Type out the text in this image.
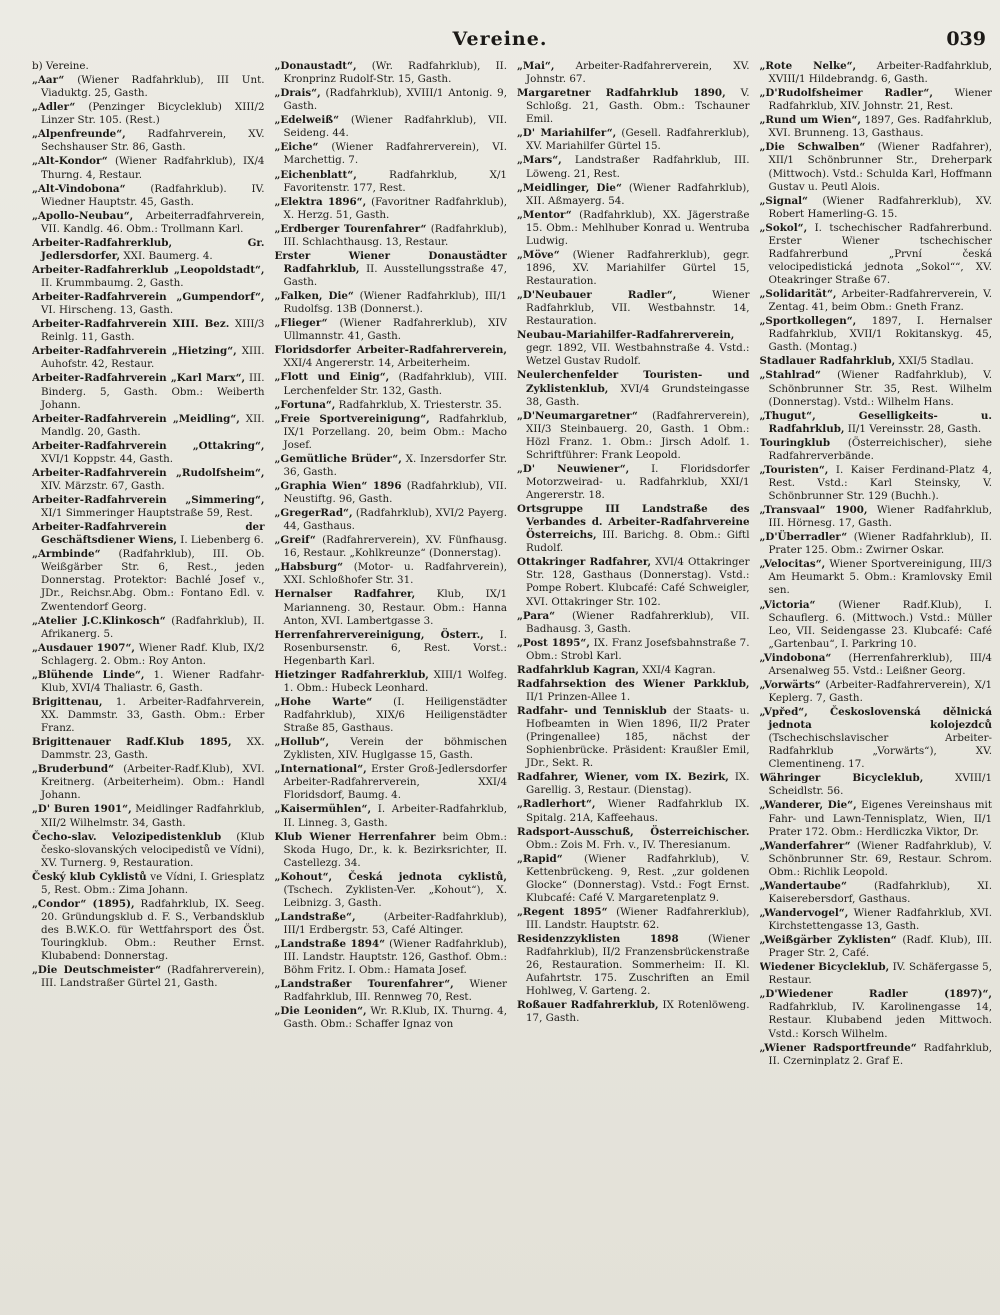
Vereine.	039
b) Vereine.
„Aar“ (Wiener Radfahrklub), III Unt. Viaduktg. 25, Gasth.
„Adler“ (Penzinger Bicycleklub) XIII/2 Linzer Str. 105. (Rest.)
„Alpenfreunde“, Radfahrverein, XV. Sechshauser Str. 86, Gasth.
„Alt-Kondor“ (Wiener Radfahrklub), IX/4 Thurng. 4, Restaur.
„Alt-Vindobona“ (Radfahrklub). IV. Wiedner Hauptstr. 45, Gasth.
„Apollo-Neubau“, Arbeiterradfahrverein, VII. Kandlg. 46. Obm.: Trollmann Karl.
Arbeiter-Radfahrerklub, Gr. Jedlersdorfer, XXI. Baumerg. 4.
Arbeiter-Radfahrerklub „Leopoldstadt“, II. Krummbaumg. 2, Gasth.
Arbeiter-Radfahrverein „Gumpendorf“, VI. Hirscheng. 13, Gasth.
Arbeiter-Radfahrverein XIII. Bez. XIII/3 Reinlg. 11, Gasth.
Arbeiter-Radfahrverein „Hietzing“, XIII. Auhofstr. 42, Restaur.
Arbeiter-Radfahrverein „Karl Marx“, III. Binderg. 5, Gasth. Obm.: Weiberth Johann.
Arbeiter-Radfahrverein „Meidling“, XII. Mandlg. 20, Gasth.
Arbeiter-Radfahrverein „Ottakring“, XVI/1 Koppstr. 44, Gasth.
Arbeiter-Radfahrverein „Rudolfsheim“, XIV. Märzstr. 67, Gasth.
Arbeiter-Radfahrverein „Simmering“, XI/1 Simmeringer Hauptstraße 59, Rest.
Arbeiter-Radfahrverein der Geschäftsdiener Wiens, I. Liebenberg 6.
„Armbinde“ (Radfahrklub), III. Ob. Weißgärber Str. 6, Rest., jeden Donnerstag. Protektor: Bachlé Josef v., JDr., Reichsr.Abg. Obm.: Fontano Edl. v. Zwentendorf Georg.
„Atelier J.C.Klinkosch“ (Radfahrklub), II. Afrikanerg. 5.
„Ausdauer 1907“, Wiener Radf. Klub, IX/2 Schlagerg. 2. Obm.: Roy Anton.
„Blühende Linde“, 1. Wiener Radfahr-Klub, XVI/4 Thaliastr. 6, Gasth.
Brigittenau, 1. Arbeiter-Radfahrverein, XX. Dammstr. 33, Gasth. Obm.: Erber Franz.
Brigittenauer Radf.Klub 1895, XX. Dammstr. 23, Gasth.
„Bruderbund“ (Arbeiter-Radf.Klub), XVI. Kreitnerg. (Arbeiterheim). Obm.: Handl Johann.
„D' Buren 1901“, Meidlinger Radfahrklub, XII/2 Wilhelmstr. 34, Gasth.
Čecho-slav. Velozipedistenklub (Klub česko-slovanských velocipedistů ve Vídni), XV. Turnerg. 9, Restauration.
Český klub Cyklistů ve Vídni, I. Griesplatz 5, Rest. Obm.: Zima Johann.
„Condor“ (1895), Radfahrklub, IX. Seeg. 20. Gründungsklub d. F. S., Verbandsklub des B.W.K.O. für Wettfahrsport des Öst. Touringklub. Obm.: Reuther Ernst. Klubabend: Donnerstag.
„Die Deutschmeister“ (Radfahrerverein), III. Landstraßer Gürtel 21, Gasth.
„Donaustadt“, (Wr. Radfahrklub), II. Kronprinz Rudolf-Str. 15, Gasth.
„Drais“, (Radfahrklub), XVIII/1 Antonig. 9, Gasth.
„Edelweiß“ (Wiener Radfahrklub), VII. Seideng. 44.
„Eiche“ (Wiener Radfahrerverein), VI. Marchettig. 7.
„Eichenblatt“,	Radfahrklub, X/1 Favoritenstr. 177, Rest.
„Elektra 1896“, (Favoritner Radfahrklub), X. Herzg. 51, Gasth.
„Erdberger Tourenfahrer“ (Radfahrklub), III. Schlachthausg. 13, Restaur.
Erster Wiener Donaustädter Radfahrklub, II. Ausstellungsstraße 47, Gasth.
„Falken, Die“ (Wiener Radfahrklub), III/1 Rudolfsg. 13B (Donnerst.).
„Flieger“ (Wiener Radfahrerklub), XIV Ullmannstr. 41, Gasth.
Floridsdorfer Arbeiter-Radfahrerverein, XXI/4 Angererstr. 14, Arbeiterheim.
„Flott und Einig“, (Radfahrklub), VIII. Lerchenfelder Str. 132, Gasth.
„Fortuna“, Radfahrklub, X. Triesterstr. 35.
„Freie Sportvereinigung“, Radfahrklub, IX/1 Porzellang. 20, beim Obm.: Macho Josef.
„Gemütliche Brüder“, X. Inzersdorfer Str. 36, Gasth.
„Graphia Wien“ 1896 (Radfahrklub), VII. Neustiftg. 96, Gasth.
„GregerRad“, (Radfahrklub), XVI/2 Payerg. 44, Gasthaus.
„Greif“ (Radfahrerverein), XV. Fünfhausg. 16, Restaur. „Kohlkreunze“ (Donnerstag).
„Habsburg“ (Motor- u. Radfahrverein), XXI. Schloßhofer Str. 31.
Hernalser Radfahrer, Klub, IX/1 Marianneng. 30, Restaur. Obm.: Hanna Anton, XVI. Lambertgasse 3.
Herrenfahrervereinigung, Österr., I. Rosenbursenstr. 6, Rest. Vorst.: Hegenbarth Karl.
Hietzinger Radfahrerklub, XIII/1 Wolfeg. 1. Obm.: Hubeck Leonhard.
„Hohe Warte“ (I. Heiligenstädter Radfahrklub), XIX/6 Heiligenstädter Straße 85, Gasthaus.
„Hollub“, Verein der böhmischen Zyklisten, XIV. Huglgasse 15, Gasth.
„International“, Erster Groß-Jedlersdorfer Arbeiter-Radfahrerverein, XXI/4 Floridsdorf, Baumg. 4.
„Kaisermühlen“, I. Arbeiter-Radfahrklub, II. Linneg. 3, Gasth.
Klub Wiener Herrenfahrer beim Obm.: Skoda Hugo, Dr., k. k. Bezirksrichter, II. Castellezg. 34.
„Kohout“, Česká jednota cyklistů, (Tschech. Zyklisten-Ver. „Kohout“), X. Leibnizg. 3, Gasth.
„Landstraße“,	(Arbeiter-Radfahrklub), III/1 Erdbergstr. 53, Café Altinger.
„Landstraße 1894“ (Wiener Radfahrklub), III. Landstr. Hauptstr. 126, Gasthof. Obm.: Böhm Fritz. I. Obm.: Hamata Josef.
„Landstraßer Tourenfahrer“, Wiener Radfahrklub, III. Rennweg 70, Rest.
„Die Leoniden“, Wr. R.Klub, IX. Thurng. 4, Gasth. Obm.: Schaffer Ignaz von
„Mai“, Arbeiter-Radfahrerverein, XV. Johnstr. 67.
Margaretner Radfahrklub 1890, V. Schloßg. 21, Gasth. Obm.: Tschauner Emil.
„D' Mariahilfer“, (Gesell. Radfahrerklub), XV. Mariahilfer Gürtel 15.
„Mars“, Landstraßer Radfahrklub, III. Löweng. 21, Rest.
„Meidlinger, Die“ (Wiener Radfahrklub), XII. Aßmayerg. 54.
„Mentor“ (Radfahrklub), XX. Jägerstraße 15. Obm.: Mehlhuber Konrad u. Wentruba Ludwig.
„Möve“ (Wiener Radfahrerklub), gegr. 1896, XV. Mariahilfer Gürtel 15, Restauration.
„D'Neubauer Radler“,	Wiener Radfahrklub, VII. Westbahnstr. 14, Restauration.
Neubau-Mariahilfer-Radfahrerverein, gegr. 1892, VII. Westbahnstraße 4. Vstd.: Wetzel Gustav Rudolf.
Neulerchenfelder Touristen- und Zyklistenklub, XVI/4 Grundsteingasse 38, Gasth.
„D'Neumargaretner“ (Radfahrerverein), XII/3 Steinbauerg. 20, Gasth. 1 Obm.: Hözl Franz. 1. Obm.: Jirsch Adolf. 1. Schriftführer: Frank Leopold.
„D' Neuwiener“, I. Floridsdorfer Motorzweirad- u. Radfahrklub, XXI/1 Angererstr. 18.
Ortsgruppe III Landstraße des Verbandes d. Arbeiter-Radfahrvereine Österreichs, III. Barichg. 8. Obm.: Giftl Rudolf.
Ottakringer Radfahrer, XVI/4 Ottakringer Str. 128, Gasthaus (Donnerstag). Vstd.: Pompe Robert. Klubcafé: Café Schweigler, XVI. Ottakringer Str. 102.
„Para“ (Wiener Radfahrerklub), VII. Badhausg. 3, Gasth.
„Post 1895“, IX. Franz Josefsbahnstraße 7. Obm.: Strobl Karl.
Radfahrklub Kagran, XXI/4 Kagran.
Radfahrsektion des Wiener Parkklub, II/1 Prinzen-Allee 1.
Radfahr- und Tennisklub der Staats- u. Hofbeamten in Wien 1896, II/2 Prater (Pringenallee) 185, nächst der Sophienbrücke. Präsident: Kraußler Emil, JDr., Sekt. R.
Radfahrer, Wiener, vom IX. Bezirk, IX. Garellig. 3, Restaur. (Dienstag).
„Radlerhort“, Wiener Radfahrklub IX. Spitalg. 21A, Kaffeehaus.
Radsport-Ausschuß, Österreichischer. Obm.: Zois M. Frh. v., IV. Theresianum.
„Rapid“ (Wiener Radfahrklub), V. Kettenbrückeng. 9, Rest. „zur goldenen Glocke“ (Donnerstag). Vstd.: Fogt Ernst. Klubcafé: Café V. Margaretenplatz 9.
„Regent 1895“ (Wiener Radfahrerklub), III. Landstr. Hauptstr. 62.
Residenzzyklisten 1898	(Wiener Radfahrklub), II/2 Franzensbrückenstraße 26, Restauration. Sommerheim: II. Kl. Aufahrtstr. 175. Zuschriften an Emil Hohlweg, V. Garteng. 2.
Roßauer Radfahrerklub, IX Rotenlöweng. 17, Gasth.
„Rote Nelke“, Arbeiter-Radfahrklub, XVIII/1 Hildebrandg. 6, Gasth.
„D'Rudolfsheimer Radler“, Wiener Radfahrklub, XIV. Johnstr. 21, Rest.
„Rund um Wien“, 1897, Ges. Radfahrklub, XVI. Brunneng. 13, Gasthaus.
„Die Schwalben“ (Wiener Radfahrer), XII/1 Schönbrunner Str., Dreherpark (Mittwoch). Vstd.: Schulda Karl, Hoffmann Gustav u. Peutl Alois.
„Signal“ (Wiener Radfahrerklub), XV. Robert Hamerling-G. 15.
„Sokol“, I. tschechischer Radfahrerbund. Erster Wiener tschechischer Radfahrerbund „První česká velocipedistická jednota „Sokol““, XV. Oteakringer Straße 67.
„Solidarität“, Arbeiter-Radfahrerverein, V. Zentag. 41, beim Obm.: Gneth Franz.
„Sportkollegen“, 1897, I. Hernalser Radfahrklub, XVII/1 Rokitanskyg. 45, Gasth. (Montag.)
Stadlauer Radfahrklub, XXI/5 Stadlau.
„Stahlrad“ (Wiener Radfahrklub), V. Schönbrunner Str. 35, Rest. Wilhelm (Donnerstag). Vstd.: Wilhelm Hans.
„Thugut“, Geselligkeits- u. Radfahrklub, II/1 Vereinsstr. 28, Gasth.
Touringklub (Österreichischer), siehe Radfahrerverbände.
„Touristen“, I. Kaiser Ferdinand-Platz 4, Rest. Vstd.: Karl Steinsky, V. Schönbrunner Str. 129 (Buchh.).
„Transvaal“ 1900, Wiener Radfahrklub, III. Hörnesg. 17, Gasth.
„D'Überradler“ (Wiener Radfahrklub), II. Prater 125. Obm.: Zwirner Oskar.
„Velocitas“, Wiener Sportvereinigung, III/3 Am Heumarkt 5. Obm.: Kramlovsky Emil sen.
„Victoria“ (Wiener Radf.Klub), I. Schauflerg. 6. (Mittwoch.) Vstd.: Müller Leo, VII. Seidengasse 23. Klubcafé: Café „Gartenbau“, I. Parkring 10.
„Vindobona“ (Herrenfahrerklub), III/4 Arsenalweg 55. Vstd.: Leißner Georg.
„Vorwärts“ (Arbeiter-Radfahrerverein), X/1 Keplerg. 7, Gasth.
„Vpřed“, Československá dělnická jednota kolojezdců (Tschechischslavischer Arbeiter-Radfahrklub „Vorwärts“), XV. Clementineng. 17.
Währinger Bicycleklub,	XVIII/1 Scheidlstr. 56.
„Wanderer, Die“, Eigenes Vereinshaus mit Fahr- und Lawn-Tennisplatz, Wien, II/1 Prater 172. Obm.: Herdliczka Viktor, Dr.
„Wanderfahrer“ (Wiener Radfahrklub), V. Schönbrunner Str. 69, Restaur. Schrom. Obm.: Richlik Leopold.
„Wandertaube“	(Radfahrklub), XI. Kaiserebersdorf, Gasthaus.
„Wandervogel“, Wiener Radfahrklub, XVI. Kirchstettengasse 13, Gasth.
„Weißgärber Zyklisten“ (Radf. Klub), III. Prager Str. 2, Café.
Wiedener Bicycleklub, IV. Schäfergasse 5, Restaur.
„D'Wiedener Radler (1897)“, Radfahrklub, IV. Karolinengasse 14, Restaur. Klubabend jeden Mittwoch. Vstd.: Korsch Wilhelm.
„Wiener Radsportfreunde“ Radfahrklub, II. Czerninplatz 2. Graf E.
